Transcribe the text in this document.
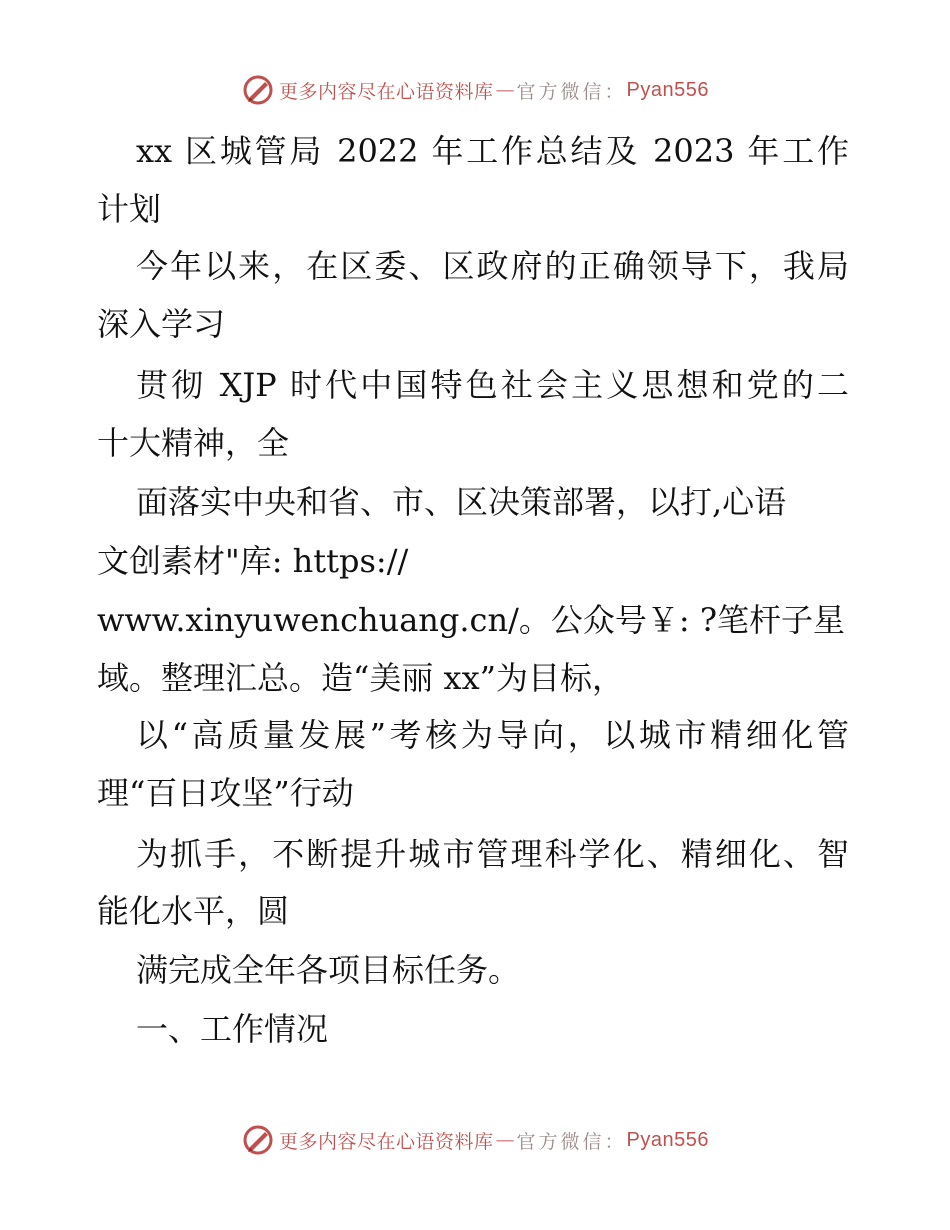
更多内容尽在心语资料库 — 官方微信： Pyan556
xx 区城管局 2022 年工作总结及 2023 年工作
计划
今年以来，在区委、区政府的正确领导下，我局
深入学习
贯彻 XJP 时代中国特色社会主义思想和党的二
十大精神，全
面落实中央和省、市、区决策部署，以打,心语
文创素材"库: https://
www.xinyuwenchuang.cn/。公众号￥: ?笔杆子星
域。整理汇总。造“美丽 xx”为目标，
以“高质量发展”考核为导向，以城市精细化管
理“百日攻坚”行动
为抓手，不断提升城市管理科学化、精细化、智
能化水平，圆
满完成全年各项目标任务。
一、工作情况
更多内容尽在心语资料库 — 官方微信： Pyan556
